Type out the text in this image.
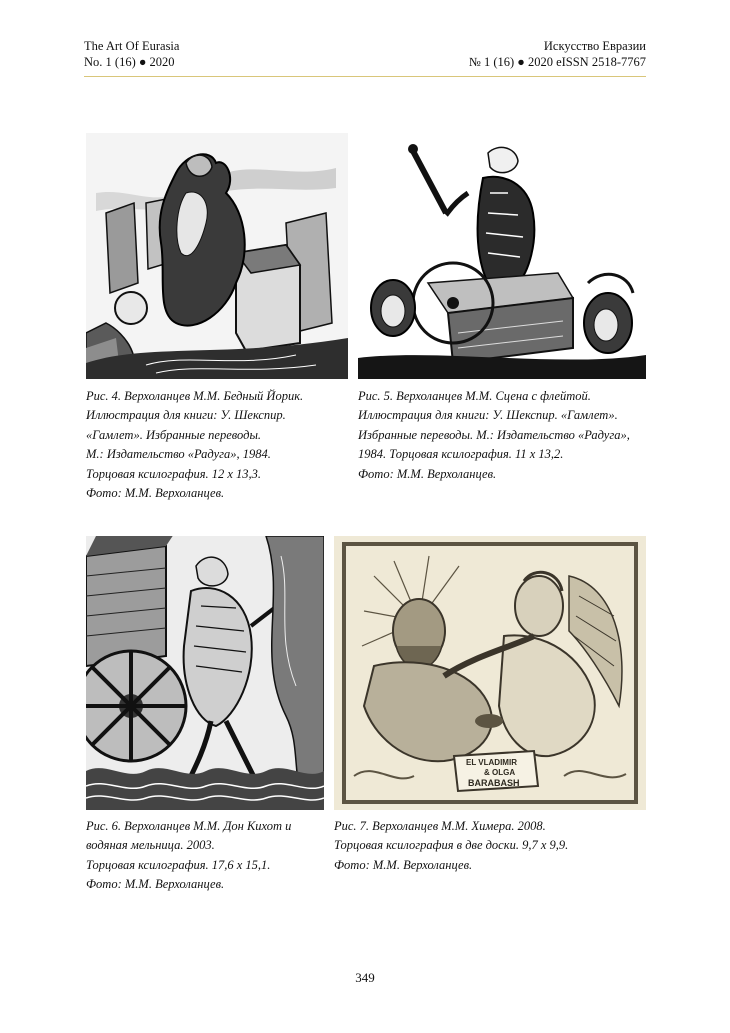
The Art Of Eurasia
No. 1 (16) ● 2020
Искусство Евразии
№ 1 (16) ● 2020 eISSN 2518-7767
Рис. 4. Верхоланцев М.М. Бедный Йорик.
Иллюстрация для книги: У. Шекспир.
«Гамлет». Избранные переводы.
М.: Издательство «Радуга», 1984.
Торцовая ксилография. 12 х 13,3.
Фото: М.М. Верхоланцев.
Рис. 5. Верхоланцев М.М. Сцена с флейтой.
Иллюстрация для книги: У. Шекспир. «Гамлет».
Избранные переводы. М.: Издательство «Радуга»,
1984. Торцовая ксилография. 11 х 13,2.
Фото: М.М. Верхоланцев.
Рис. 6. Верхоланцев М.М. Дон Кихот и
водяная мельница. 2003.
Торцовая ксилография. 17,6 х 15,1.
Фото: М.М. Верхоланцев.
EL VLADIMIR
& OLGA
BARABASH
Рис. 7. Верхоланцев М.М. Химера. 2008.
Торцовая ксилография в две доски. 9,7 х 9,9.
Фото: М.М. Верхоланцев.
349
